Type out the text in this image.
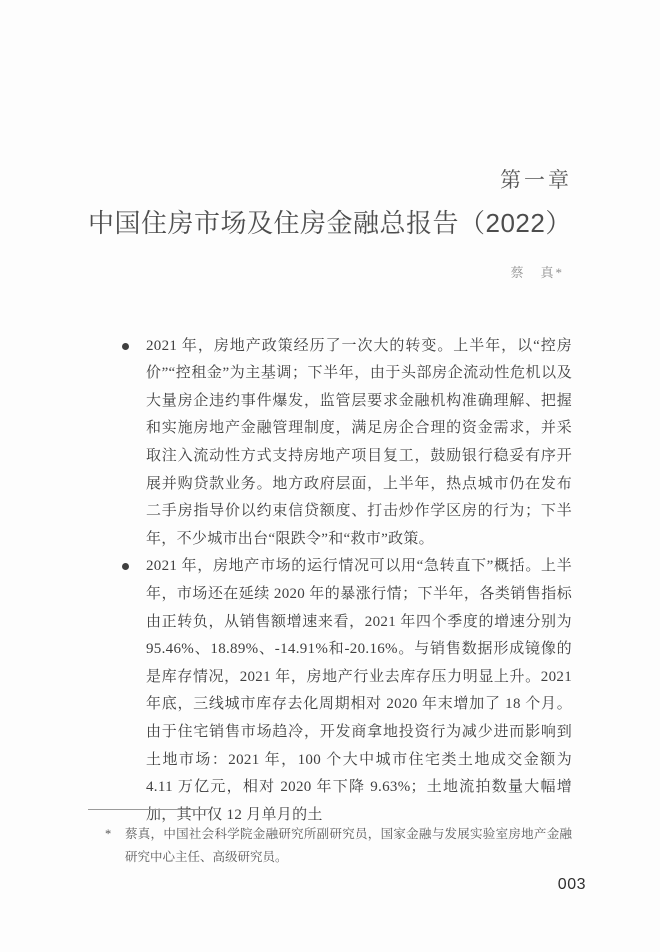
第一章
中国住房市场及住房金融总报告（2022）
蔡　真*
2021 年，房地产政策经历了一次大的转变。上半年，以“控房价”“控租金”为主基调；下半年，由于头部房企流动性危机以及大量房企违约事件爆发，监管层要求金融机构准确理解、把握和实施房地产金融管理制度，满足房企合理的资金需求，并采取注入流动性方式支持房地产项目复工，鼓励银行稳妥有序开展并购贷款业务。地方政府层面，上半年，热点城市仍在发布二手房指导价以约束信贷额度、打击炒作学区房的行为；下半年，不少城市出台“限跌令”和“救市”政策。
2021 年，房地产市场的运行情况可以用“急转直下”概括。上半年，市场还在延续 2020 年的暴涨行情；下半年，各类销售指标由正转负，从销售额增速来看，2021 年四个季度的增速分别为 95.46%、18.89%、-14.91%和-20.16%。与销售数据形成镜像的是库存情况，2021 年，房地产行业去库存压力明显上升。2021 年底，三线城市库存去化周期相对 2020 年末增加了 18 个月。由于住宅销售市场趋冷，开发商拿地投资行为减少进而影响到土地市场：2021 年，100 个大中城市住宅类土地成交金额为 4.11 万亿元，相对 2020 年下降 9.63%；土地流拍数量大幅增加，其中仅 12 月单月的土
* 蔡真，中国社会科学院金融研究所副研究员，国家金融与发展实验室房地产金融研究中心主任、高级研究员。
003
